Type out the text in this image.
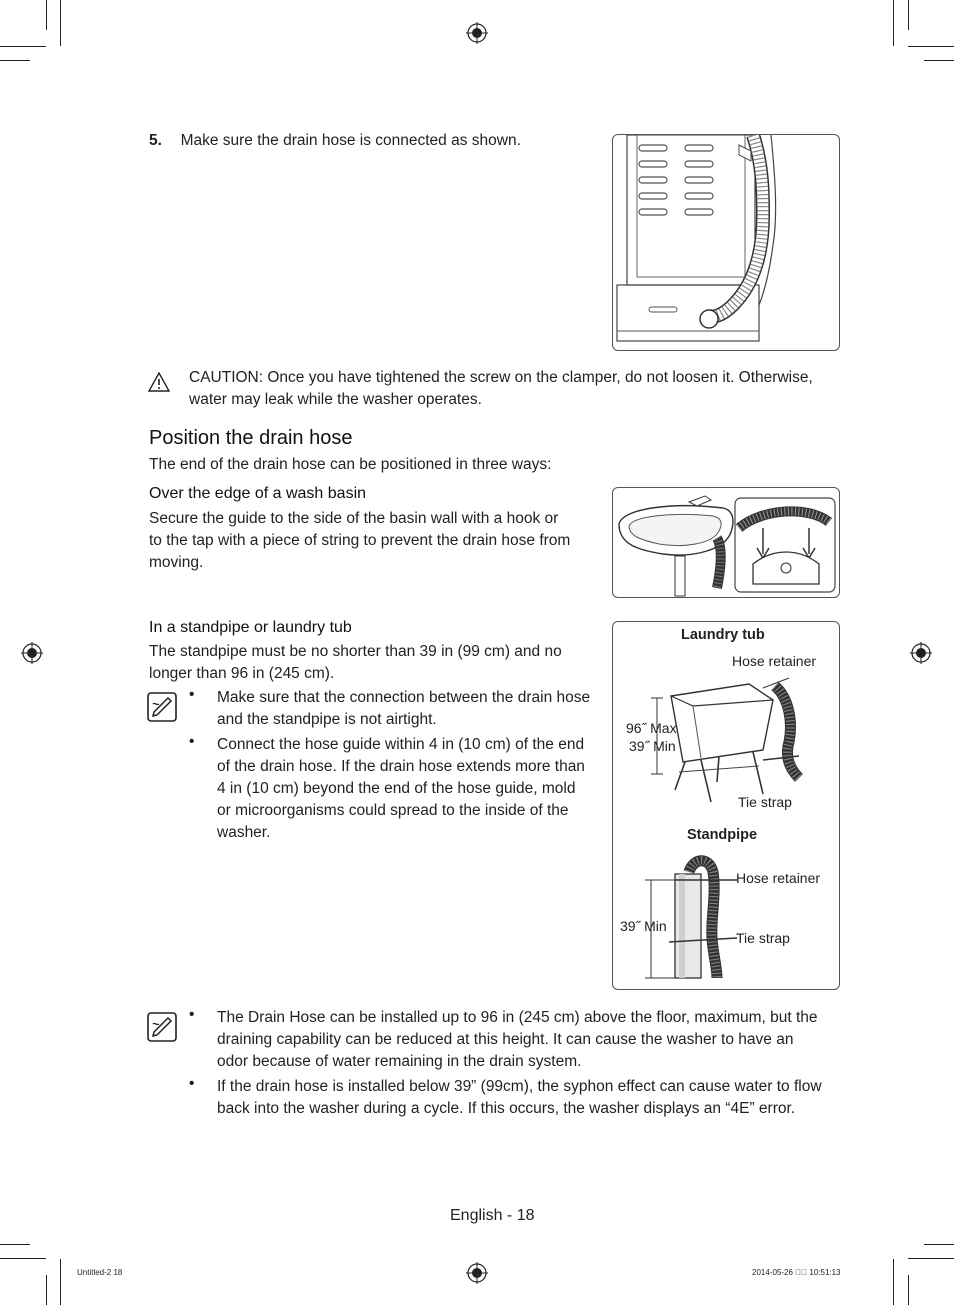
5. Make sure the drain hose is connected as shown.
CAUTION: Once you have tightened the screw on the clamper, do not loosen it. Otherwise,
water may leak while the washer operates.
Position the drain hose
The end of the drain hose can be positioned in three ways:
Over the edge of a wash basin
Secure the guide to the side of the basin wall with a hook or
to the tap with a piece of string to prevent the drain hose from
moving.
In a standpipe or laundry tub
The standpipe must be no shorter than 39 in (99 cm) and no
longer than 96 in (245 cm).
• Make sure that the connection between the drain hose
and the standpipe is not airtight.
• Connect the hose guide within 4 in (10 cm) of the end
of the drain hose. If the drain hose extends more than
4 in (10 cm) beyond the end of the hose guide, mold
or microorganisms could spread to the inside of the
washer.
Laundry tub
Hose retainer
96˝ Max
39˝ Min
Tie strap
Standpipe
Hose retainer
39˝ Min
Tie strap
• The Drain Hose can be installed up to 96 in (245 cm) above the floor, maximum, but the
draining capability can be reduced at this height. It can cause the washer to have an
odor because of water remaining in the drain system.
• If the drain hose is installed below 39” (99cm), the syphon effect can cause water to flow
back into the washer during a cycle. If this occurs, the washer displays an “4E” error.
English - 18
Untitled-2 18	2014-05-26 ￿￿ 10:51:13
